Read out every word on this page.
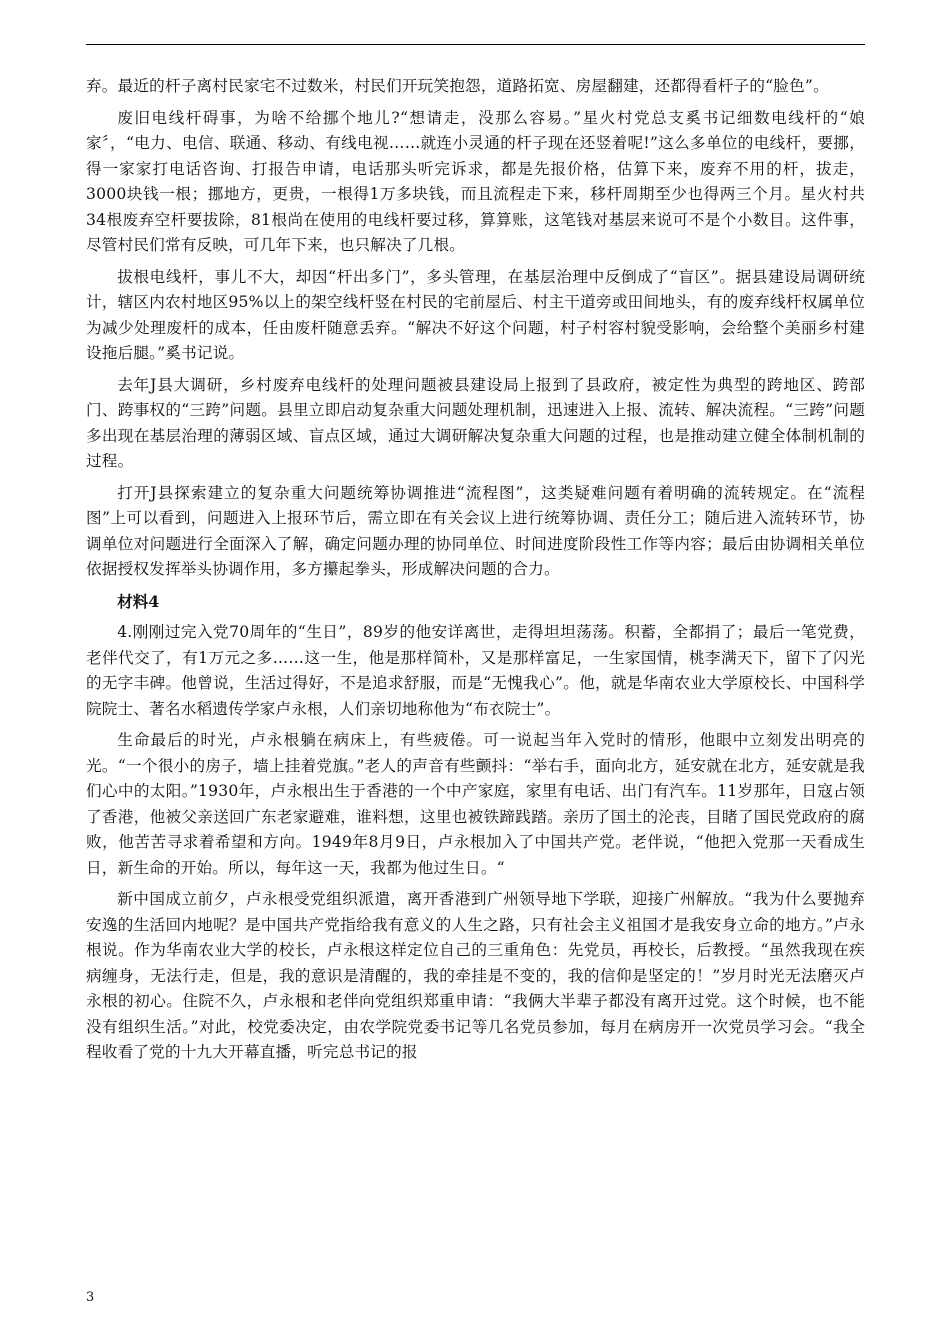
弃。最近的杆子离村民家宅不过数米，村民们开玩笑抱怨，道路拓宽、房屋翻建，还都得看杆子的“脸色”。

废旧电线杆碍事，为啥不给挪个地儿?“想请走，没那么容易。”星火村党总支奚书记细数电线杆的“娘家〞，“电力、电信、联通、移动、有线电视……就连小灵通的杆子现在还竖着呢!”这么多单位的电线杆，要挪，得一家家打电话咨询、打报告申请，电话那头听完诉求，都是先报价格，估算下来，废弃不用的杆，拔走，3000块钱一根；挪地方，更贵，一根得1万多块钱，而且流程走下来，移杆周期至少也得两三个月。星火村共34根废弃空杆要拔除，81根尚在使用的电线杆要过移，算算账，这笔钱对基层来说可不是个小数目。这件事，尽管村民们常有反映，可几年下来，也只解决了几根。

拔根电线杆，事儿不大，却因“杆出多门”，多头管理，在基层治理中反倒成了“盲区”。据县建设局调研统计，辖区内农村地区95%以上的架空线杆竖在村民的宅前屋后、村主干道旁或田间地头，有的废弃线杆权属单位为减少处理废杆的成本，任由废杆随意丢弃。“解决不好这个问题，村子村容村貌受影响，会给整个美丽乡村建设拖后腿。”奚书记说。

去年J县大调研，乡村废弃电线杆的处理问题被县建设局上报到了县政府，被定性为典型的跨地区、跨部门、跨事权的“三跨”问题。县里立即启动复杂重大问题处理机制，迅速进入上报、流转、解决流程。“三跨”问题多出现在基层治理的薄弱区域、盲点区域，通过大调研解决复杂重大问题的过程，也是推动建立健全体制机制的过程。

打开J县探索建立的复杂重大问题统筹协调推进“流程图”，这类疑难问题有着明确的流转规定。在“流程图”上可以看到，问题进入上报环节后，需立即在有关会议上进行统筹协调、责任分工；随后进入流转环节，协调单位对问题进行全面深入了解，确定问题办理的协同单位、时间进度阶段性工作等内容；最后由协调相关单位依据授权发挥举头协调作用，多方攥起拳头，形成解决问题的合力。

材料4

4.刚刚过完入党70周年的“生日”，89岁的他安详离世，走得坦坦荡荡。积蓄，全都捐了；最后一笔党费，老伴代交了，有1万元之多……这一生，他是那样简朴，又是那样富足，一生家国情，桃李满天下，留下了闪光的无字丰碑。他曾说，生活过得好，不是追求舒服，而是“无愧我心”。他，就是华南农业大学原校长、中国科学院院士、著名水稻遗传学家卢永根，人们亲切地称他为“布衣院士”。

生命最后的时光，卢永根躺在病床上，有些疲倦。可一说起当年入党时的情形，他眼中立刻发出明亮的光。“一个很小的房子，墙上挂着党旗。”老人的声音有些颤抖：“举右手，面向北方，延安就在北方，延安就是我们心中的太阳。”1930年，卢永根出生于香港的一个中产家庭，家里有电话、出门有汽车。11岁那年，日寇占领了香港，他被父亲送回广东老家避难，谁料想，这里也被铁蹄践踏。亲历了国土的沦丧，目睹了国民党政府的腐败，他苦苦寻求着希望和方向。1949年8月9日，卢永根加入了中国共产党。老伴说，“他把入党那一天看成生日，新生命的开始。所以，每年这一天，我都为他过生日。“

新中国成立前夕，卢永根受党组织派遣，离开香港到广州领导地下学联，迎接广州解放。“我为什么要抛弃安逸的生活回内地呢？是中国共产党指给我有意义的人生之路，只有社会主义祖国才是我安身立命的地方。”卢永根说。作为华南农业大学的校长，卢永根这样定位自己的三重角色：先党员，再校长，后教授。“虽然我现在疾病缠身，无法行走，但是，我的意识是清醒的，我的牵挂是不变的，我的信仰是坚定的！”岁月时光无法磨灭卢永根的初心。住院不久，卢永根和老伴向党组织郑重申请：“我俩大半辈子都没有离开过党。这个时候，也不能没有组织生活。”对此，校党委决定，由农学院党委书记等几名党员参加，每月在病房开一次党员学习会。“我全程收看了党的十九大开幕直播，听完总书记的报

3
